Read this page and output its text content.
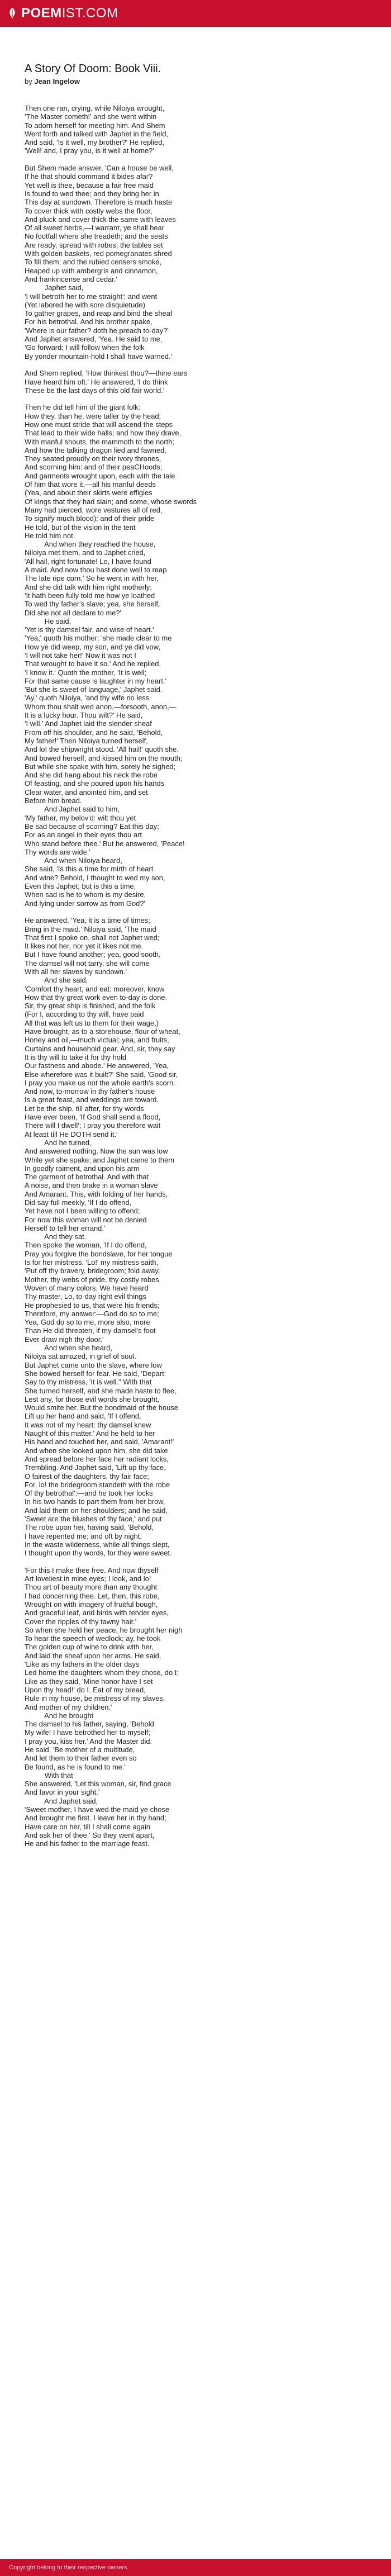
POEM IST.COM
A Story Of Doom: Book Viii.
by Jean Ingelow
Then one ran, crying, while Niloiya wrought,
'The Master cometh!' and she went within
To adorn herself for meeting him. And Shem
Went forth and talked with Japhet in the field,
And said, 'Is it well, my brother?' He replied,
'Well! and, I pray you, is it well at home?'
But Shem made answer, 'Can a house be well,
If he that should command it bides afar?
Yet well is thee, because a fair free maid
Is found to wed thee; and they bring her in
This day at sundown. Therefore is much haste
To cover thick with costly webs the floor,
And pluck and cover thick the same with leaves
Of all sweet herbs,—I warrant, ye shall hear
No footfall where she treadeth; and the seats
Are ready, spread with robes; the tables set
With golden baskets, red pomegranates shred
To fill them; and the rubied censers smoke,
Heaped up with ambergris and cinnamon,
And frankincense and cedar.'
Japhet said,
'I will betroth her to me straight'; and went
(Yet labored he with sore disquietude)
To gather grapes, and reap and bind the sheaf
For his betrothal. And his brother spake,
'Where is our father? doth he preach to-day?'
And Japhet answered, 'Yea. He said to me,
'Go forward; I will follow when the folk
By yonder mountain-hold I shall have warned.'
And Shem replied, 'How thinkest thou?—thine ears
Have heard him oft.' He answered, 'I do think
These be the last days of this old fair world.'
Then he did tell him of the giant folk:
How they, than he, were taller by the head;
How one must stride that will ascend the steps
That lead to their wide halls; and how they drave,
With manful shouts, the mammoth to the north;
And how the talking dragon lied and fawned,
They seated proudly on their ivory thrones,
And scorning him: and of their peaCHoods;
And garments wrought upon, each with the tale
Of him that wore it,—all his manful deeds
(Yea, and about their skirts were effigies
Of kings that they had slain; and some, whose swords
Many had pierced, wore vestures all of red,
To signify much blood): and of their pride
He told, but of the vision in the tent
He told him not.
And when they reached the house,
Niloiya met them, and to Japhet cried,
'All hail, right fortunate! Lo, I have found
A maid. And now thou hast done well to reap
The late ripe corn.' So he went in with her,
And she did talk with him right motherly:
'It hath been fully told me how ye loathed
To wed thy father's slave; yea, she herself,
Did she not all declare to me?'
He said,
'Yet is thy damsel fair, and wise of heart.'
'Yea,' quoth his mother; 'she made clear to me
How ye did weep, my son, and ye did vow,
'I will not take her!' Now it was not I
That wrought to have it so.' And he replied,
'I know it.' Quoth the mother, 'It is well;
For that same cause is laughter in my heart.'
'But she is sweet of language,' Japhet said.
'Ay,' quoth Niloiya, 'and thy wife no less
Whom thou shalt wed anon,—forsooth, anon,—
It is a lucky hour. Thou wilt?' He said,
'I will.' And Japhet laid the slender sheaf
From off his shoulder, and he said, 'Behold,
My father!' Then Niloiya turned herself,
And lo! the shipwright stood. 'All hail!' quoth she.
And bowed herself, and kissed him on the mouth;
But while she spake with him, sorely he sighed;
And she did hang about his neck the robe
Of feasting, and she poured upon his hands
Clear water, and anointed him, and set
Before him bread.
And Japhet said to him,
'My father, my belov'd: wilt thou yet
Be sad because of scorning? Eat this day;
For as an angel in their eyes thou art
Who stand before thee.' But he answered, 'Peace!
Thy words are wide.'
And when Niloiya heard,
She said, 'Is this a time for mirth of heart
And wine? Behold, I thought to wed my son,
Even this Japhet; but is this a time,
When sad is he to whom is my desire,
And lying under sorrow as from God?'
He answered, 'Yea, it is a time of times;
Bring in the maid.' Niloiya said, 'The maid
That first I spoke on, shall not Japhet wed;
It likes not her, nor yet it likes not me.
But I have found another; yea, good sooth,
The damsel will not tarry, she will come
With all her slaves by sundown.'
And she said,
'Comfort thy heart, and eat: moreover, know
How that thy great work even to-day is done.
Sir, thy great ship is finished, and the folk
(For I, according to thy will, have paid
All that was left us to them for their wage,)
Have brought, as to a storehouse, flour of wheat,
Honey and oil,—much victual; yea, and fruits,
Curtains and household gear. And, sir, they say
It is thy will to take it for thy hold
Our fastness and abode.' He answered, 'Yea,
Else wherefore was it built?' She said, 'Good sir,
I pray you make us not the whole earth's scorn.
And now, to-morrow in thy father's house
Is a great feast, and weddings are toward.
Let be the ship, till after, for thy words
Have ever been, 'If God shall send a flood,
There will I dwell'; I pray you therefore wait
At least till He DOTH send it.'
And he turned,
And answered nothing. Now the sun was low
While yet she spake; and Japhet came to them
In goodly raiment, and upon his arm
The garment of betrothal. And with that
A noise, and then brake in a woman slave
And Amarant. This, with folding of her hands,
Did say full meekly, 'If I do offend,
Yet have not I been willing to offend;
For now this woman will not be denied
Herself to tell her errand.'
And they sat.
Then spoke the woman, 'If I do offend,
Pray you forgive the bondslave, for her tongue
Is for her mistress. 'Lo!' my mistress saith,
'Put off thy bravery, bridegroom; fold away,
Mother, thy webs of pride, thy costly robes
Woven of many colors. We have heard
Thy master, Lo, to-day right evil things
He prophesied to us, that were his friends;
Therefore, my answer:—God do so to me;
Yea, God do so to me, more also, more
Than He did threaten, if my damsel's foot
Ever draw nigh thy door.'
And when she heard,
Niloiya sat amazed, in grief of soul.
But Japhet came unto the slave, where low
She bowed herself for fear. He said, 'Depart;
Say to thy mistress, 'It is well.'' With that
She turned herself, and she made haste to flee,
Lest any, for those evil words she brought,
Would smite her. But the bondmaid of the house
Lift up her hand and said, 'If I offend,
It was not of my heart: thy damsel knew
Naught of this matter.' And he held to her
His hand and touched her, and said, 'Amarant!'
And when she looked upon him, she did take
And spread before her face her radiant locks,
Trembling. And Japhet said, 'Lift up thy face,
O fairest of the daughters, thy fair face;
For, lo! the bridegroom standeth with the robe
Of thy betrothal':—and he took her locks
In his two hands to part them from her brow,
And laid them on her shoulders; and he said,
'Sweet are the blushes of thy face,' and put
The robe upon her, having said, 'Behold,
I have repented me; and oft by night,
In the waste wilderness, while all things slept,
I thought upon thy words, for they were sweet.
'For this I make thee free. And now thyself
Art loveliest in mine eyes; I look, and lo!
Thou art of beauty more than any thought
I had concerning thee. Let, then, this robe,
Wrought on with imagery of fruitful bough,
And graceful leaf, and birds with tender eyes,
Cover the ripples of thy tawny hair.'
So when she held her peace, he brought her nigh
To hear the speech of wedlock; ay, he took
The golden cup of wine to drink with her,
And laid the sheaf upon her arms. He said,
'Like as my fathers in the older days
Led home the daughters whom they chose, do I;
Like as they said, 'Mine honor have I set
Upon thy head!' do I. Eat of my bread,
Rule in my house, be mistress of my slaves,
And mother of my children.'
And he brought
The damsel to his father, saying, 'Behold
My wife! I have betrothed her to myself;
I pray you, kiss her.' And the Master did:
He said, 'Be mother of a multitude,
And let them to their father even so
Be found, as he is found to me.'
With that
She answered, 'Let this woman, sir, find grace
And favor in your sight.'
And Japhet said,
'Sweet mother, I have wed the maid ye chose
And brought me first. I leave her in thy hand;
Have care on her, till I shall come again
And ask her of thee.' So they went apart,
He and his father to the marriage feast.
Copyright belong to their respective owners.
